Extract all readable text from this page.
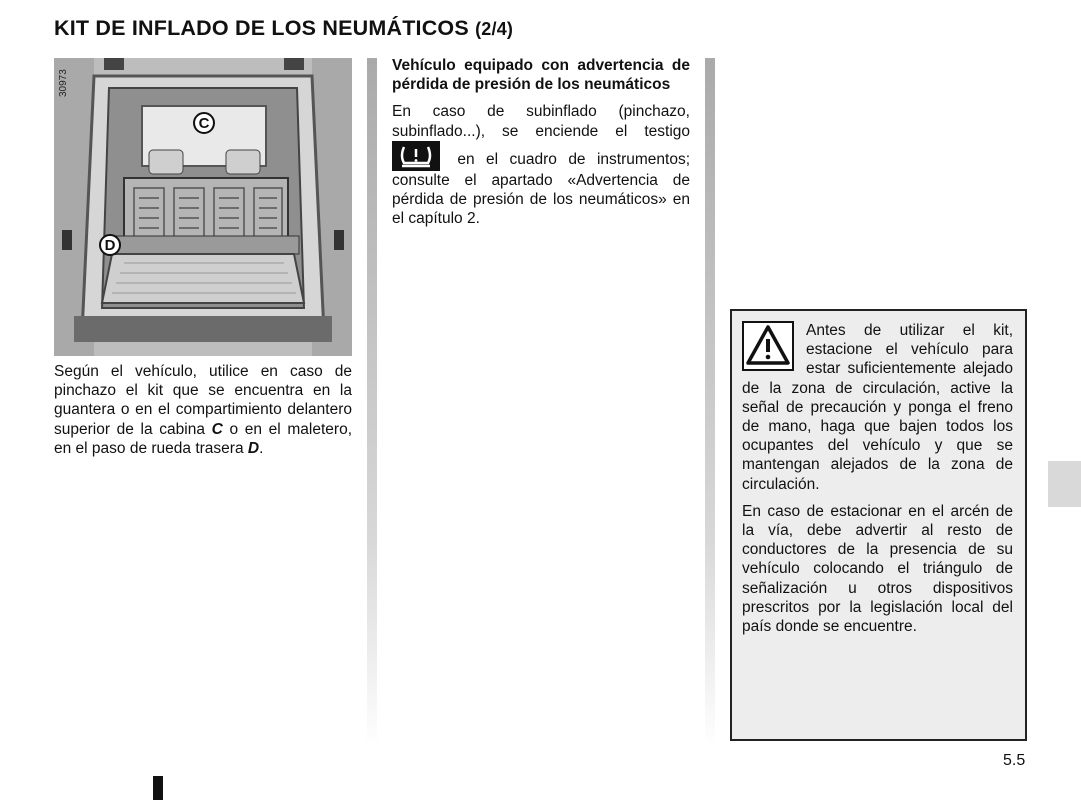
KIT DE INFLADO DE LOS NEUMÁTICOS (2/4)
30973
C
D
Según el vehículo, utilice en caso de pinchazo el kit que se encuentra en la guantera o en el compartimiento delantero superior de la cabina C o en el maletero, en el paso de rueda trasera D.

Vehículo equipado con advertencia de pérdida de presión de los neumáticos

En caso de subinflado (pinchazo, subinflado...), se enciende el testigo
en el cuadro de instrumentos; consulte el apartado «Advertencia de pérdida de presión de los neumáticos» en el capítulo 2.

Antes de utilizar el kit, estacione el vehículo para estar suficientemente alejado de la zona de circulación, active la señal de precaución y ponga el freno de mano, haga que bajen todos los ocupantes del vehículo y que se mantengan alejados de la zona de circulación.

En caso de estacionar en el arcén de la vía, debe advertir al resto de conductores de la presencia de su vehículo colocando el triángulo de señalización u otros dispositivos prescritos por la legislación local del país donde se encuentre.

5.5
